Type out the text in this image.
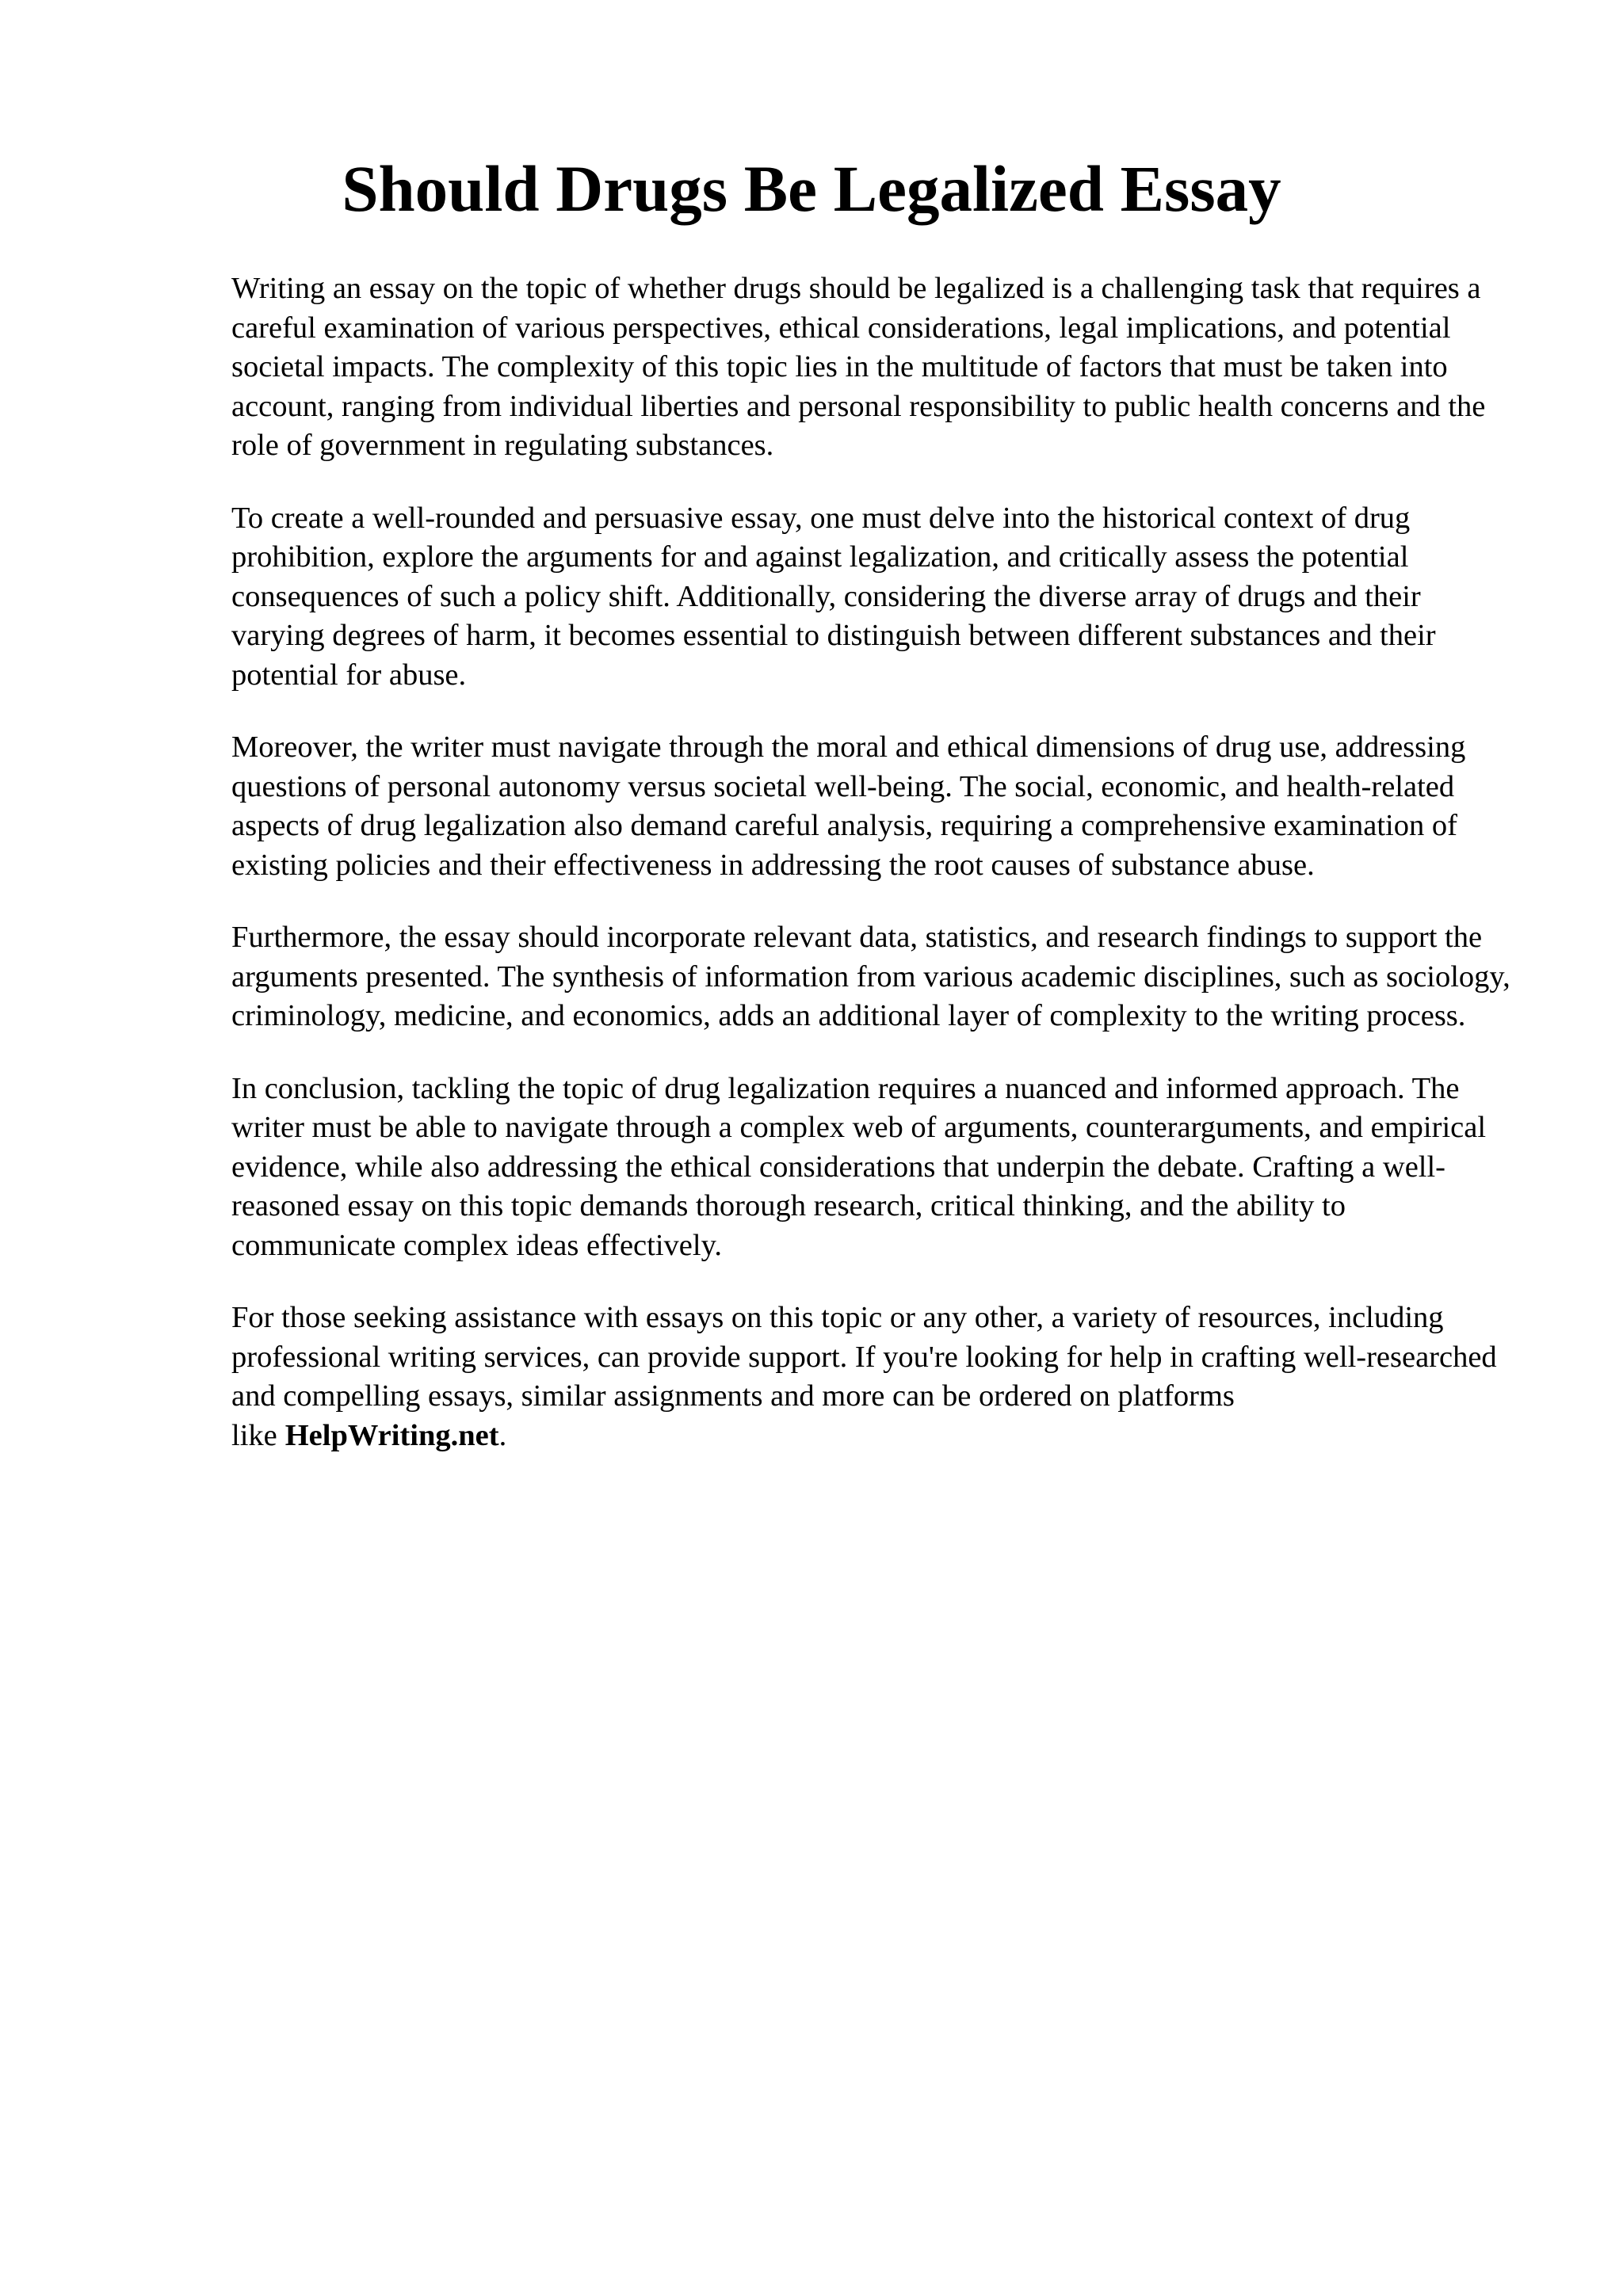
Should Drugs Be Legalized Essay

Writing an essay on the topic of whether drugs should be legalized is a challenging task that requires a careful examination of various perspectives, ethical considerations, legal implications, and potential societal impacts. The complexity of this topic lies in the multitude of factors that must be taken into account, ranging from individual liberties and personal responsibility to public health concerns and the role of government in regulating substances.

To create a well-rounded and persuasive essay, one must delve into the historical context of drug prohibition, explore the arguments for and against legalization, and critically assess the potential consequences of such a policy shift. Additionally, considering the diverse array of drugs and their varying degrees of harm, it becomes essential to distinguish between different substances and their potential for abuse.

Moreover, the writer must navigate through the moral and ethical dimensions of drug use, addressing questions of personal autonomy versus societal well-being. The social, economic, and health-related aspects of drug legalization also demand careful analysis, requiring a comprehensive examination of existing policies and their effectiveness in addressing the root causes of substance abuse.

Furthermore, the essay should incorporate relevant data, statistics, and research findings to support the arguments presented. The synthesis of information from various academic disciplines, such as sociology, criminology, medicine, and economics, adds an additional layer of complexity to the writing process.

In conclusion, tackling the topic of drug legalization requires a nuanced and informed approach. The writer must be able to navigate through a complex web of arguments, counterarguments, and empirical evidence, while also addressing the ethical considerations that underpin the debate. Crafting a well-reasoned essay on this topic demands thorough research, critical thinking, and the ability to communicate complex ideas effectively.

For those seeking assistance with essays on this topic or any other, a variety of resources, including professional writing services, can provide support. If you're looking for help in crafting well-researched and compelling essays, similar assignments and more can be ordered on platforms like HelpWriting.net.
